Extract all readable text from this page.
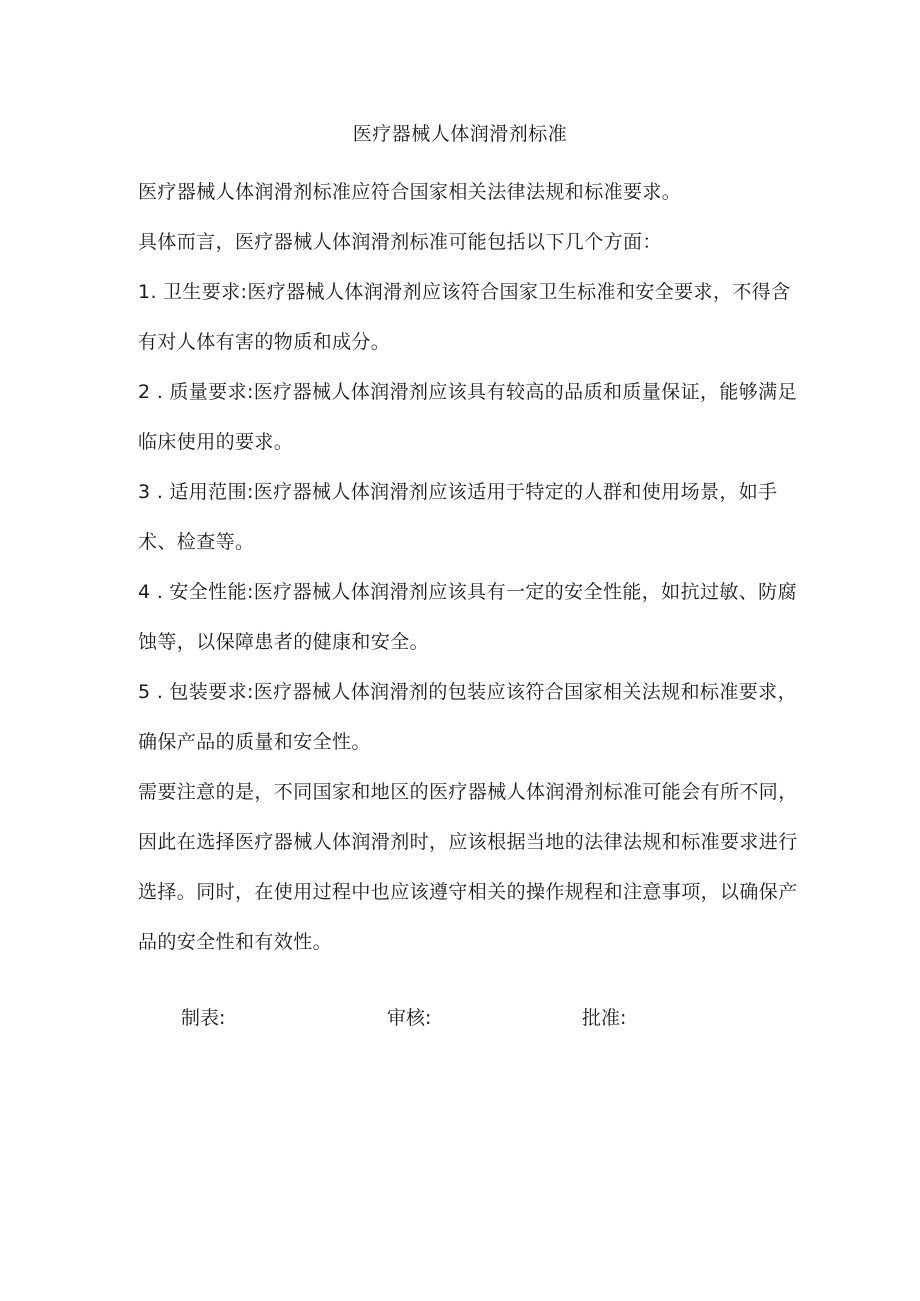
医疗器械人体润滑剂标准

医疗器械人体润滑剂标准应符合国家相关法律法规和标准要求。

具体而言，医疗器械人体润滑剂标准可能包括以下几个方面：

1. 卫生要求:医疗器械人体润滑剂应该符合国家卫生标准和安全要求，不得含有对人体有害的物质和成分。

2 . 质量要求:医疗器械人体润滑剂应该具有较高的品质和质量保证，能够满足临床使用的要求。

3 . 适用范围:医疗器械人体润滑剂应该适用于特定的人群和使用场景，如手术、检查等。

4 . 安全性能:医疗器械人体润滑剂应该具有一定的安全性能，如抗过敏、防腐蚀等，以保障患者的健康和安全。

5 . 包装要求:医疗器械人体润滑剂的包装应该符合国家相关法规和标准要求，确保产品的质量和安全性。

需要注意的是，不同国家和地区的医疗器械人体润滑剂标准可能会有所不同，因此在选择医疗器械人体润滑剂时，应该根据当地的法律法规和标准要求进行选择。同时，在使用过程中也应该遵守相关的操作规程和注意事项，以确保产品的安全性和有效性。

制表:	审核:	批准:
